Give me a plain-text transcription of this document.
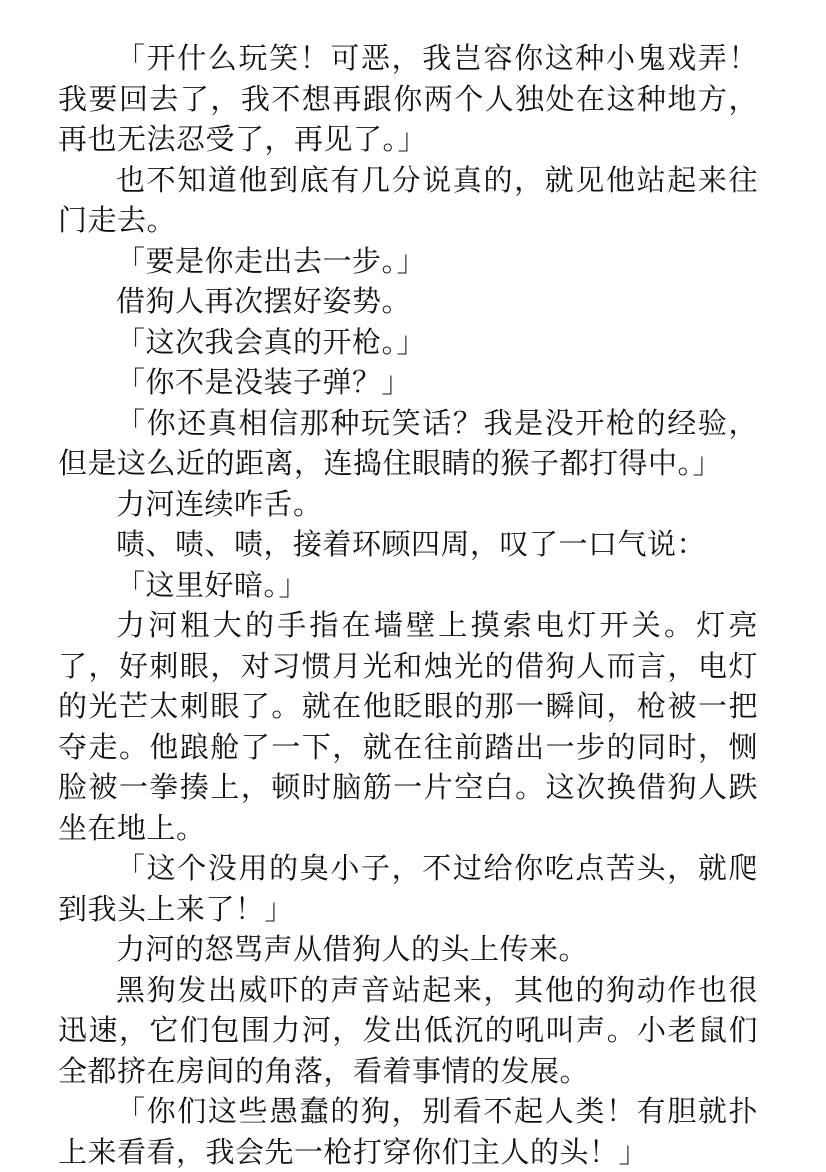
「开什么玩笑！可恶，我岂容你这种小鬼戏弄！我要回去了，我不想再跟你两个人独处在这种地方，再也无法忍受了，再见了。」

也不知道他到底有几分说真的，就见他站起来往门走去。

「要是你走出去一步。」

借狗人再次摆好姿势。

「这次我会真的开枪。」

「你不是没装子弹？」

「你还真相信那种玩笑话？我是没开枪的经验，但是这么近的距离，连捣住眼睛的猴子都打得中。」

力河连续咋舌。

啧、啧、啧，接着环顾四周，叹了一口气说：

「这里好暗。」

力河粗大的手指在墙壁上摸索电灯开关。灯亮了，好刺眼，对习惯月光和烛光的借狗人而言，电灯的光芒太刺眼了。就在他眨眼的那一瞬间，枪被一把夺走。他踉舱了一下，就在往前踏出一步的同时，恻脸被一拳揍上，顿时脑筋一片空白。这次换借狗人跌坐在地上。

「这个没用的臭小子，不过给你吃点苦头，就爬到我头上来了！」

力河的怒骂声从借狗人的头上传来。

黑狗发出威吓的声音站起来，其他的狗动作也很迅速，它们包围力河，发出低沉的吼叫声。小老鼠们全都挤在房间的角落，看着事情的发展。

「你们这些愚蠢的狗，别看不起人类！有胆就扑上来看看，我会先一枪打穿你们主人的头！」
